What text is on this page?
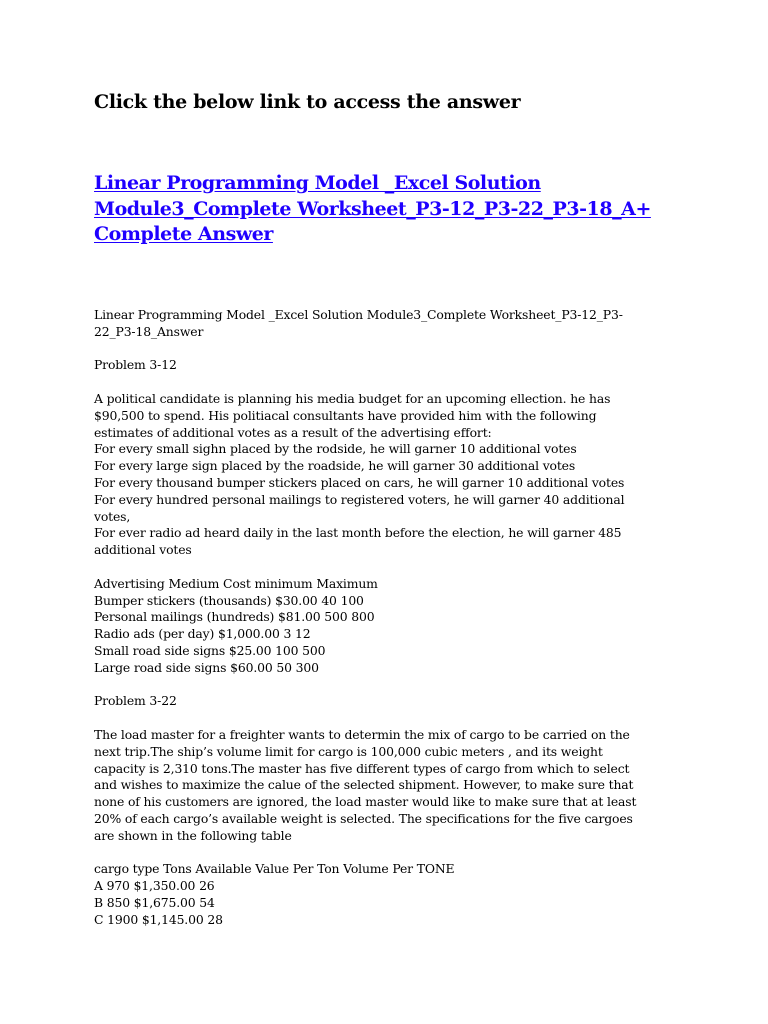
Click the below link to access the answer
Linear Programming Model _Excel Solution
Module3_Complete Worksheet_P3-12_P3-22_P3-18_A+
Complete Answer
Linear Programming Model _Excel Solution Module3_Complete Worksheet_P3-12_P3-
22_P3-18_Answer
Problem 3-12
A political candidate is planning his media budget for an upcoming ellection. he has
$90,500 to spend. His politiacal consultants have provided him with the following
estimates of additional votes as a result of the advertising effort:
For every small sighn placed by the rodside, he will garner 10 additional votes
For every large sign placed by the roadside, he will garner 30 additional votes
For every thousand bumper stickers placed on cars, he will garner 10 additional votes
For every hundred personal mailings to registered voters, he will garner 40 additional
votes,
For ever radio ad heard daily in the last month before the election, he will garner 485
additional votes
Advertising Medium Cost minimum Maximum
Bumper stickers (thousands) $30.00 40 100
Personal mailings (hundreds) $81.00 500 800
Radio ads (per day) $1,000.00 3 12
Small road side signs $25.00 100 500
Large road side signs $60.00 50 300
Problem 3-22
The load master for a freighter wants to determin the mix of cargo to be carried on the
next trip.The ship’s volume limit for cargo is 100,000 cubic meters , and its weight
capacity is 2,310 tons.The master has five different types of cargo from which to select
and wishes to maximize the calue of the selected shipment. However, to make sure that
none of his customers are ignored, the load master would like to make sure that at least
20% of each cargo’s available weight is selected. The specifications for the five cargoes
are shown in the following table
cargo type Tons Available Value Per Ton Volume Per TONE
A 970 $1,350.00 26
B 850 $1,675.00 54
C 1900 $1,145.00 28
